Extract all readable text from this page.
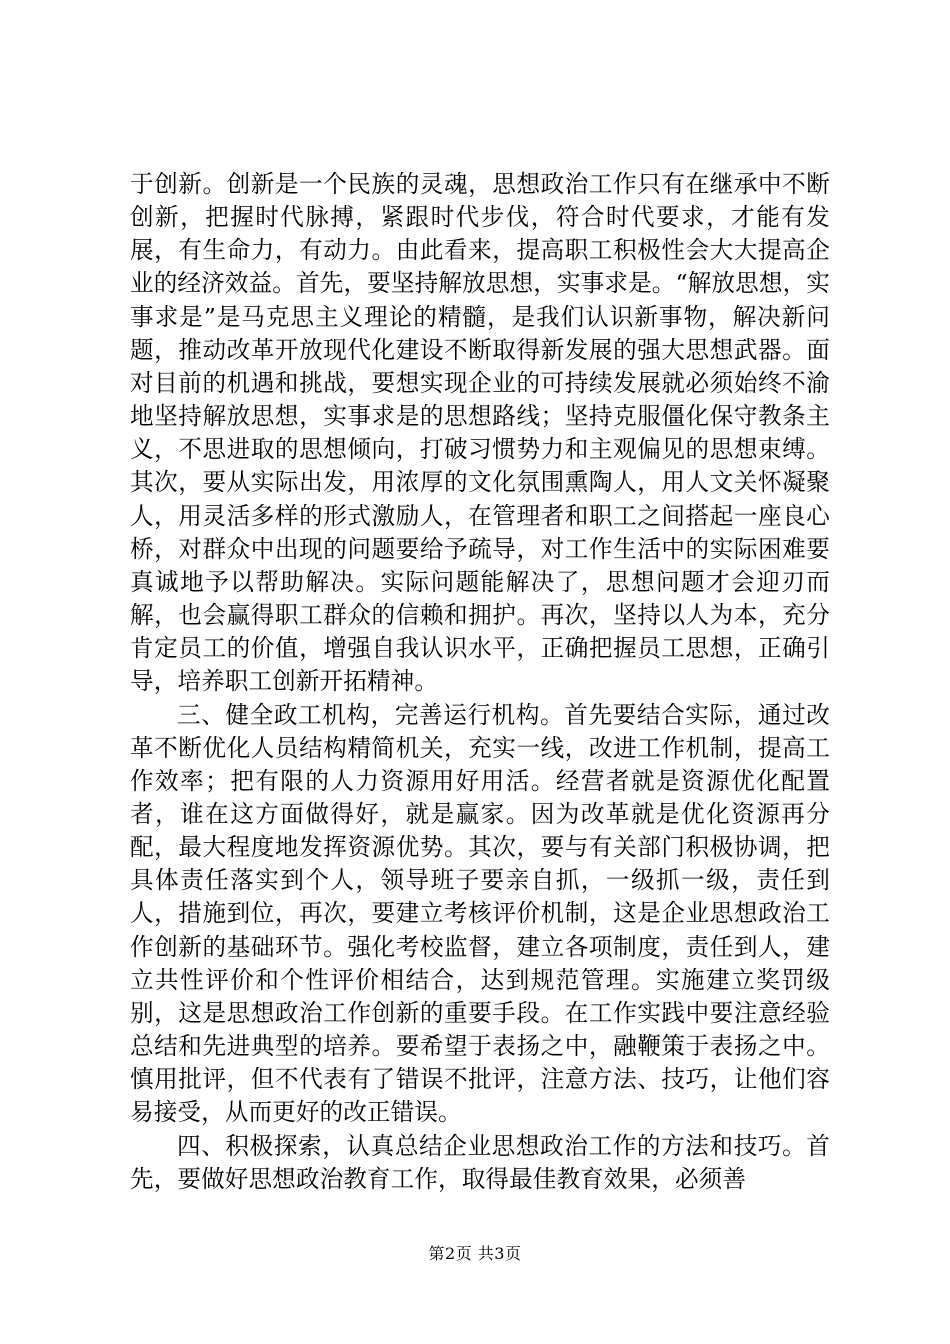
于创新。创新是一个民族的灵魂，思想政治工作只有在继承中不断创新，把握时代脉搏，紧跟时代步伐，符合时代要求，才能有发展，有生命力，有动力。由此看来，提高职工积极性会大大提高企业的经济效益。首先，要坚持解放思想，实事求是。“解放思想，实事求是”是马克思主义理论的精髓，是我们认识新事物，解决新问题，推动改革开放现代化建设不断取得新发展的强大思想武器。面对目前的机遇和挑战，要想实现企业的可持续发展就必须始终不渝地坚持解放思想，实事求是的思想路线；坚持克服僵化保守教条主义，不思进取的思想倾向，打破习惯势力和主观偏见的思想束缚。其次，要从实际出发，用浓厚的文化氛围熏陶人，用人文关怀凝聚人，用灵活多样的形式激励人，在管理者和职工之间搭起一座良心桥，对群众中出现的问题要给予疏导，对工作生活中的实际困难要真诚地予以帮助解决。实际问题能解决了，思想问题才会迎刃而解，也会赢得职工群众的信赖和拥护。再次，坚持以人为本，充分肯定员工的价值，增强自我认识水平，正确把握员工思想，正确引导，培养职工创新开拓精神。

三、健全政工机构，完善运行机构。首先要结合实际，通过改革不断优化人员结构精简机关，充实一线，改进工作机制，提高工作效率；把有限的人力资源用好用活。经营者就是资源优化配置者，谁在这方面做得好，就是赢家。因为改革就是优化资源再分配，最大程度地发挥资源优势。其次，要与有关部门积极协调，把具体责任落实到个人，领导班子要亲自抓，一级抓一级，责任到人，措施到位，再次，要建立考核评价机制，这是企业思想政治工作创新的基础环节。强化考校监督，建立各项制度，责任到人，建立共性评价和个性评价相结合，达到规范管理。实施建立奖罚级别，这是思想政治工作创新的重要手段。在工作实践中要注意经验总结和先进典型的培养。要希望于表扬之中，融鞭策于表扬之中。慎用批评，但不代表有了错误不批评，注意方法、技巧，让他们容易接受，从而更好的改正错误。

四、积极探索，认真总结企业思想政治工作的方法和技巧。首先，要做好思想政治教育工作，取得最佳教育效果，必须善

第2页 共3页
